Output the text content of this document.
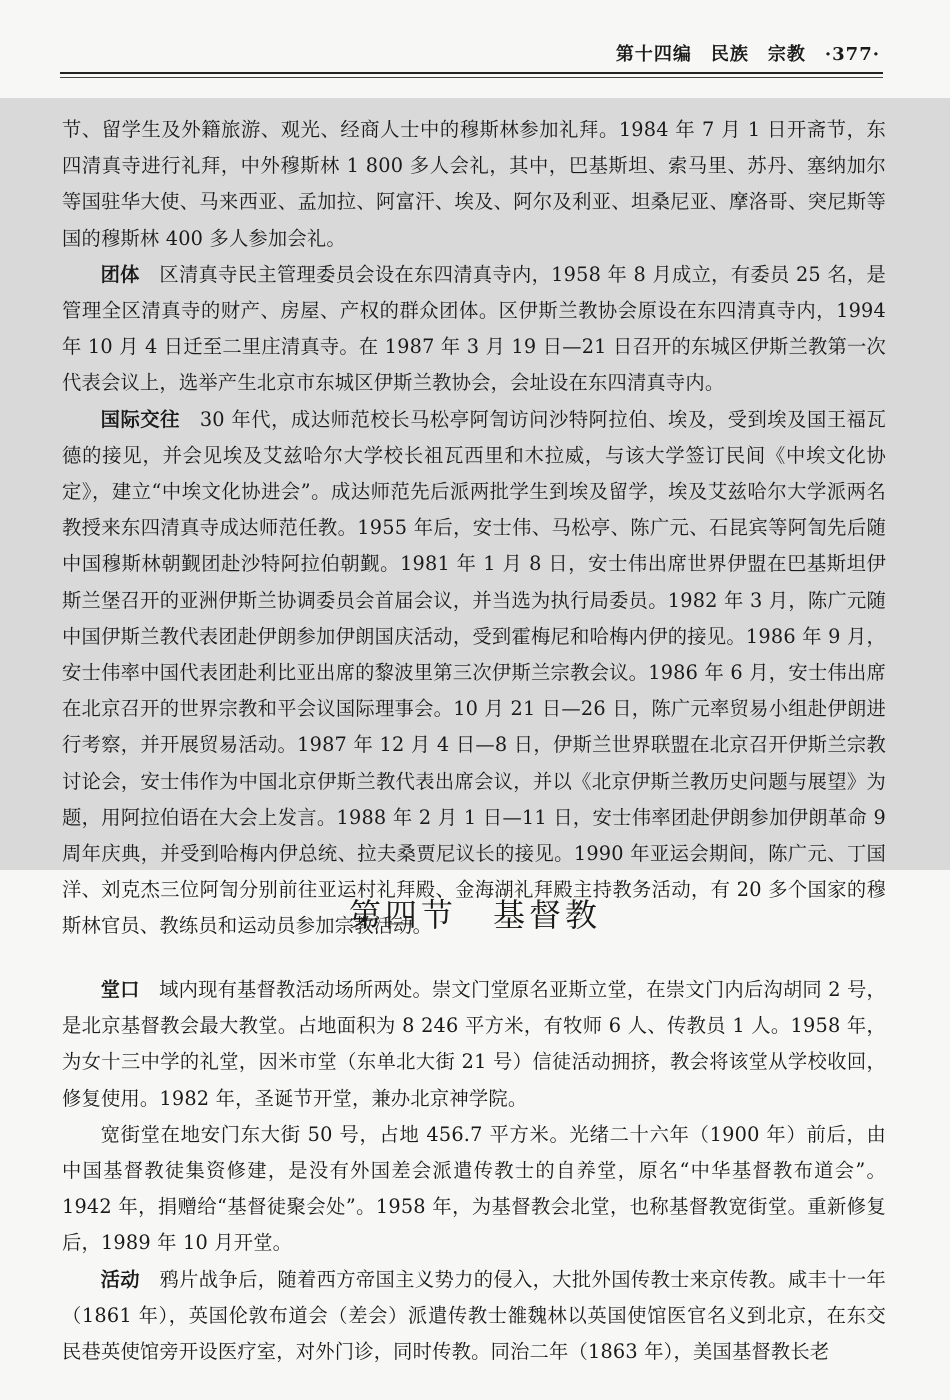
第十四编　民族　宗教　·377·

节、留学生及外籍旅游、观光、经商人士中的穆斯林参加礼拜。1984 年 7 月 1 日开斋节，东四清真寺进行礼拜，中外穆斯林 1 800 多人会礼，其中，巴基斯坦、索马里、苏丹、塞纳加尔等国驻华大使、马来西亚、孟加拉、阿富汗、埃及、阿尔及利亚、坦桑尼亚、摩洛哥、突尼斯等国的穆斯林 400 多人参加会礼。

团体　区清真寺民主管理委员会设在东四清真寺内，1958 年 8 月成立，有委员 25 名，是管理全区清真寺的财产、房屋、产权的群众团体。区伊斯兰教协会原设在东四清真寺内，1994 年 10 月 4 日迁至二里庄清真寺。在 1987 年 3 月 19 日—21 日召开的东城区伊斯兰教第一次代表会议上，选举产生北京市东城区伊斯兰教协会，会址设在东四清真寺内。

国际交往　30 年代，成达师范校长马松亭阿訇访问沙特阿拉伯、埃及，受到埃及国王福瓦德的接见，并会见埃及艾兹哈尔大学校长祖瓦西里和木拉威，与该大学签订民间《中埃文化协定》，建立“中埃文化协进会”。成达师范先后派两批学生到埃及留学，埃及艾兹哈尔大学派两名教授来东四清真寺成达师范任教。1955 年后，安士伟、马松亭、陈广元、石昆宾等阿訇先后随中国穆斯林朝觐团赴沙特阿拉伯朝觐。1981 年 1 月 8 日，安士伟出席世界伊盟在巴基斯坦伊斯兰堡召开的亚洲伊斯兰协调委员会首届会议，并当选为执行局委员。1982 年 3 月，陈广元随中国伊斯兰教代表团赴伊朗参加伊朗国庆活动，受到霍梅尼和哈梅内伊的接见。1986 年 9 月，安士伟率中国代表团赴利比亚出席的黎波里第三次伊斯兰宗教会议。1986 年 6 月，安士伟出席在北京召开的世界宗教和平会议国际理事会。10 月 21 日—26 日，陈广元率贸易小组赴伊朗进行考察，并开展贸易活动。1987 年 12 月 4 日—8 日，伊斯兰世界联盟在北京召开伊斯兰宗教讨论会，安士伟作为中国北京伊斯兰教代表出席会议，并以《北京伊斯兰教历史问题与展望》为题，用阿拉伯语在大会上发言。1988 年 2 月 1 日—11 日，安士伟率团赴伊朗参加伊朗革命 9 周年庆典，并受到哈梅内伊总统、拉夫桑贾尼议长的接见。1990 年亚运会期间，陈广元、丁国洋、刘克杰三位阿訇分别前往亚运村礼拜殿、金海湖礼拜殿主持教务活动，有 20 多个国家的穆斯林官员、教练员和运动员参加宗教活动。

第四节　基督教

堂口　域内现有基督教活动场所两处。崇文门堂原名亚斯立堂，在崇文门内后沟胡同 2 号，是北京基督教会最大教堂。占地面积为 8 246 平方米，有牧师 6 人、传教员 1 人。1958 年，为女十三中学的礼堂，因米市堂（东单北大街 21 号）信徒活动拥挤，教会将该堂从学校收回，修复使用。1982 年，圣诞节开堂，兼办北京神学院。

宽街堂在地安门东大街 50 号，占地 456.7 平方米。光绪二十六年（1900 年）前后，由中国基督教徒集资修建，是没有外国差会派遣传教士的自养堂，原名“中华基督教布道会”。1942 年，捐赠给“基督徒聚会处”。1958 年，为基督教会北堂，也称基督教宽街堂。重新修复后，1989 年 10 月开堂。

活动　鸦片战争后，随着西方帝国主义势力的侵入，大批外国传教士来京传教。咸丰十一年（1861 年），英国伦敦布道会（差会）派遣传教士雒魏林以英国使馆医官名义到北京，在东交民巷英使馆旁开设医疗室，对外门诊，同时传教。同治二年（1863 年），美国基督教长老
